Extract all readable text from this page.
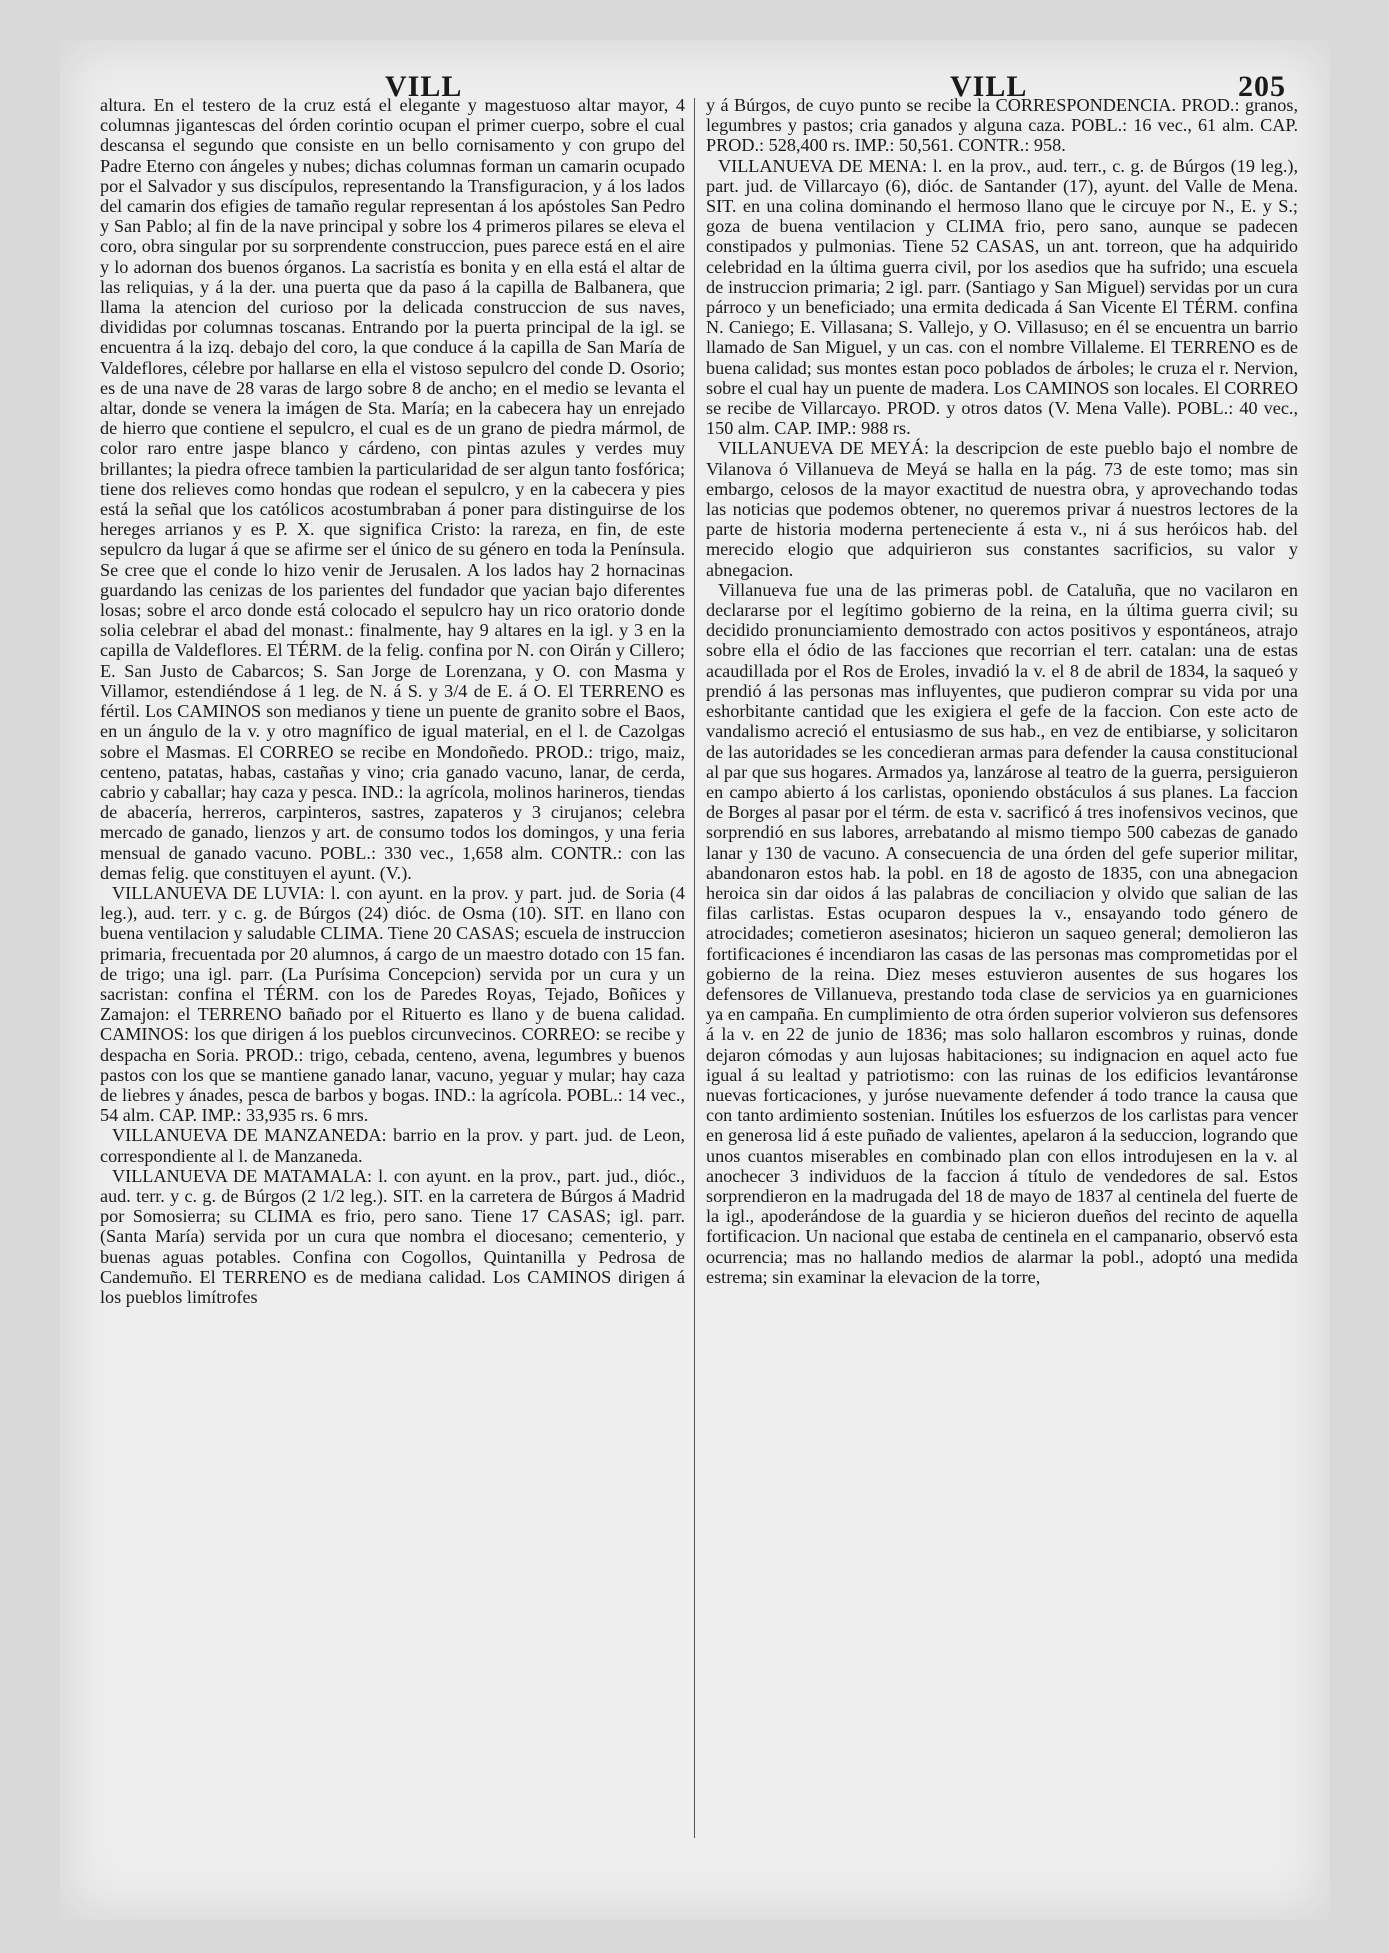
VILL	VILL	205

altura. En el testero de la cruz está el elegante y magestuoso altar mayor, 4 columnas jigantescas del órden corintio ocupan el primer cuerpo, sobre el cual descansa el segundo que consiste en un bello cornisamento y con grupo del Padre Eterno con ángeles y nubes; dichas columnas forman un camarin ocupado por el Salvador y sus discípulos, representando la Transfiguracion, y á los lados del camarin dos efigies de tamaño regular representan á los apóstoles San Pedro y San Pablo; al fin de la nave principal y sobre los 4 primeros pilares se eleva el coro, obra singular por su sorprendente construccion, pues parece está en el aire y lo adornan dos buenos órganos. La sacristía es bonita y en ella está el altar de las reliquias, y á la der. una puerta que da paso á la capilla de Balbanera, que llama la atencion del curioso por la delicada construccion de sus naves, divididas por columnas toscanas. Entrando por la puerta principal de la igl. se encuentra á la izq. debajo del coro, la que conduce á la capilla de San María de Valdeflores, célebre por hallarse en ella el vistoso sepulcro del conde D. Osorio; es de una nave de 28 varas de largo sobre 8 de ancho; en el medio se levanta el altar, donde se venera la imágen de Sta. María; en la cabecera hay un enrejado de hierro que contiene el sepulcro, el cual es de un grano de piedra mármol, de color raro entre jaspe blanco y cárdeno, con pintas azules y verdes muy brillantes; la piedra ofrece tambien la particularidad de ser algun tanto fosfórica; tiene dos relieves como hondas que rodean el sepulcro, y en la cabecera y pies está la señal que los católicos acostumbraban á poner para distinguirse de los hereges arrianos y es P. X. que significa Cristo: la rareza, en fin, de este sepulcro da lugar á que se afirme ser el único de su género en toda la Península. Se cree que el conde lo hizo venir de Jerusalen. A los lados hay 2 hornacinas guardando las cenizas de los parientes del fundador que yacian bajo diferentes losas; sobre el arco donde está colocado el sepulcro hay un rico oratorio donde solia celebrar el abad del monast.: finalmente, hay 9 altares en la igl. y 3 en la capilla de Valdeflores. El TÉRM. de la felig. confina por N. con Oirán y Cillero; E. San Justo de Cabarcos; S. San Jorge de Lorenzana, y O. con Masma y Villamor, estendiéndose á 1 leg. de N. á S. y 3/4 de E. á O. El TERRENO es fértil. Los CAMINOS son medianos y tiene un puente de granito sobre el Baos, en un ángulo de la v. y otro magnífico de igual material, en el l. de Cazolgas sobre el Masmas. El CORREO se recibe en Mondoñedo. PROD.: trigo, maiz, centeno, patatas, habas, castañas y vino; cria ganado vacuno, lanar, de cerda, cabrio y caballar; hay caza y pesca. IND.: la agrícola, molinos harineros, tiendas de abacería, herreros, carpinteros, sastres, zapateros y 3 cirujanos; celebra mercado de ganado, lienzos y art. de consumo todos los domingos, y una feria mensual de ganado vacuno. POBL.: 330 vec., 1,658 alm. CONTR.: con las demas felig. que constituyen el ayunt. (V.).

VILLANUEVA DE LUVIA: l. con ayunt. en la prov. y part. jud. de Soria (4 leg.), aud. terr. y c. g. de Búrgos (24) dióc. de Osma (10). SIT. en llano con buena ventilacion y saludable CLIMA. Tiene 20 CASAS; escuela de instruccion primaria, frecuentada por 20 alumnos, á cargo de un maestro dotado con 15 fan. de trigo; una igl. parr. (La Purísima Concepcion) servida por un cura y un sacristan: confina el TÉRM. con los de Paredes Royas, Tejado, Boñices y Zamajon: el TERRENO bañado por el Rituerto es llano y de buena calidad. CAMINOS: los que dirigen á los pueblos circunvecinos. CORREO: se recibe y despacha en Soria. PROD.: trigo, cebada, centeno, avena, legumbres y buenos pastos con los que se mantiene ganado lanar, vacuno, yeguar y mular; hay caza de liebres y ánades, pesca de barbos y bogas. IND.: la agrícola. POBL.: 14 vec., 54 alm. CAP. IMP.: 33,935 rs. 6 mrs.

VILLANUEVA DE MANZANEDA: barrio en la prov. y part. jud. de Leon, correspondiente al l. de Manzaneda.

VILLANUEVA DE MATAMALA: l. con ayunt. en la prov., part. jud., dióc., aud. terr. y c. g. de Búrgos (2 1/2 leg.). SIT. en la carretera de Búrgos á Madrid por Somosierra; su CLIMA es frio, pero sano. Tiene 17 CASAS; igl. parr. (Santa María) servida por un cura que nombra el diocesano; cementerio, y buenas aguas potables. Confina con Cogollos, Quintanilla y Pedrosa de Candemuño. El TERRENO es de mediana calidad. Los CAMINOS dirigen á los pueblos limítrofes

y á Búrgos, de cuyo punto se recibe la CORRESPONDENCIA. PROD.: granos, legumbres y pastos; cria ganados y alguna caza. POBL.: 16 vec., 61 alm. CAP. PROD.: 528,400 rs. IMP.: 50,561. CONTR.: 958.

VILLANUEVA DE MENA: l. en la prov., aud. terr., c. g. de Búrgos (19 leg.), part. jud. de Villarcayo (6), dióc. de Santander (17), ayunt. del Valle de Mena. SIT. en una colina dominando el hermoso llano que le circuye por N., E. y S.; goza de buena ventilacion y CLIMA frio, pero sano, aunque se padecen constipados y pulmonias. Tiene 52 CASAS, un ant. torreon, que ha adquirido celebridad en la última guerra civil, por los asedios que ha sufrido; una escuela de instruccion primaria; 2 igl. parr. (Santiago y San Miguel) servidas por un cura párroco y un beneficiado; una ermita dedicada á San Vicente El TÉRM. confina N. Caniego; E. Villasana; S. Vallejo, y O. Villasuso; en él se encuentra un barrio llamado de San Miguel, y un cas. con el nombre Villaleme. El TERRENO es de buena calidad; sus montes estan poco poblados de árboles; le cruza el r. Nervion, sobre el cual hay un puente de madera. Los CAMINOS son locales. El CORREO se recibe de Villarcayo. PROD. y otros datos (V. Mena Valle). POBL.: 40 vec., 150 alm. CAP. IMP.: 988 rs.

VILLANUEVA DE MEYÁ: la descripcion de este pueblo bajo el nombre de Vilanova ó Villanueva de Meyá se halla en la pág. 73 de este tomo; mas sin embargo, celosos de la mayor exactitud de nuestra obra, y aprovechando todas las noticias que podemos obtener, no queremos privar á nuestros lectores de la parte de historia moderna perteneciente á esta v., ni á sus heróicos hab. del merecido elogio que adquirieron sus constantes sacrificios, su valor y abnegacion.

Villanueva fue una de las primeras pobl. de Cataluña, que no vacilaron en declararse por el legítimo gobierno de la reina, en la última guerra civil; su decidido pronunciamiento demostrado con actos positivos y espontáneos, atrajo sobre ella el ódio de las facciones que recorrian el terr. catalan: una de estas acaudillada por el Ros de Eroles, invadió la v. el 8 de abril de 1834, la saqueó y prendió á las personas mas influyentes, que pudieron comprar su vida por una eshorbitante cantidad que les exigiera el gefe de la faccion. Con este acto de vandalismo acreció el entusiasmo de sus hab., en vez de entibiarse, y solicitaron de las autoridades se les concedieran armas para defender la causa constitucional al par que sus hogares. Armados ya, lanzárose al teatro de la guerra, persiguieron en campo abierto á los carlistas, oponiendo obstáculos á sus planes. La faccion de Borges al pasar por el térm. de esta v. sacrificó á tres inofensivos vecinos, que sorprendió en sus labores, arrebatando al mismo tiempo 500 cabezas de ganado lanar y 130 de vacuno. A consecuencia de una órden del gefe superior militar, abandonaron estos hab. la pobl. en 18 de agosto de 1835, con una abnegacion heroica sin dar oidos á las palabras de conciliacion y olvido que salian de las filas carlistas. Estas ocuparon despues la v., ensayando todo género de atrocidades; cometieron asesinatos; hicieron un saqueo general; demolieron las fortificaciones é incendiaron las casas de las personas mas comprometidas por el gobierno de la reina. Diez meses estuvieron ausentes de sus hogares los defensores de Villanueva, prestando toda clase de servicios ya en guarniciones ya en campaña. En cumplimiento de otra órden superior volvieron sus defensores á la v. en 22 de junio de 1836; mas solo hallaron escombros y ruinas, donde dejaron cómodas y aun lujosas habitaciones; su indignacion en aquel acto fue igual á su lealtad y patriotismo: con las ruinas de los edificios levantáronse nuevas forticaciones, y juróse nuevamente defender á todo trance la causa que con tanto ardimiento sostenian. Inútiles los esfuerzos de los carlistas para vencer en generosa lid á este puñado de valientes, apelaron á la seduccion, logrando que unos cuantos miserables en combinado plan con ellos introdujesen en la v. al anochecer 3 individuos de la faccion á título de vendedores de sal. Estos sorprendieron en la madrugada del 18 de mayo de 1837 al centinela del fuerte de la igl., apoderándose de la guardia y se hicieron dueños del recinto de aquella fortificacion. Un nacional que estaba de centinela en el campanario, observó esta ocurrencia; mas no hallando medios de alarmar la pobl., adoptó una medida estrema; sin examinar la elevacion de la torre,
